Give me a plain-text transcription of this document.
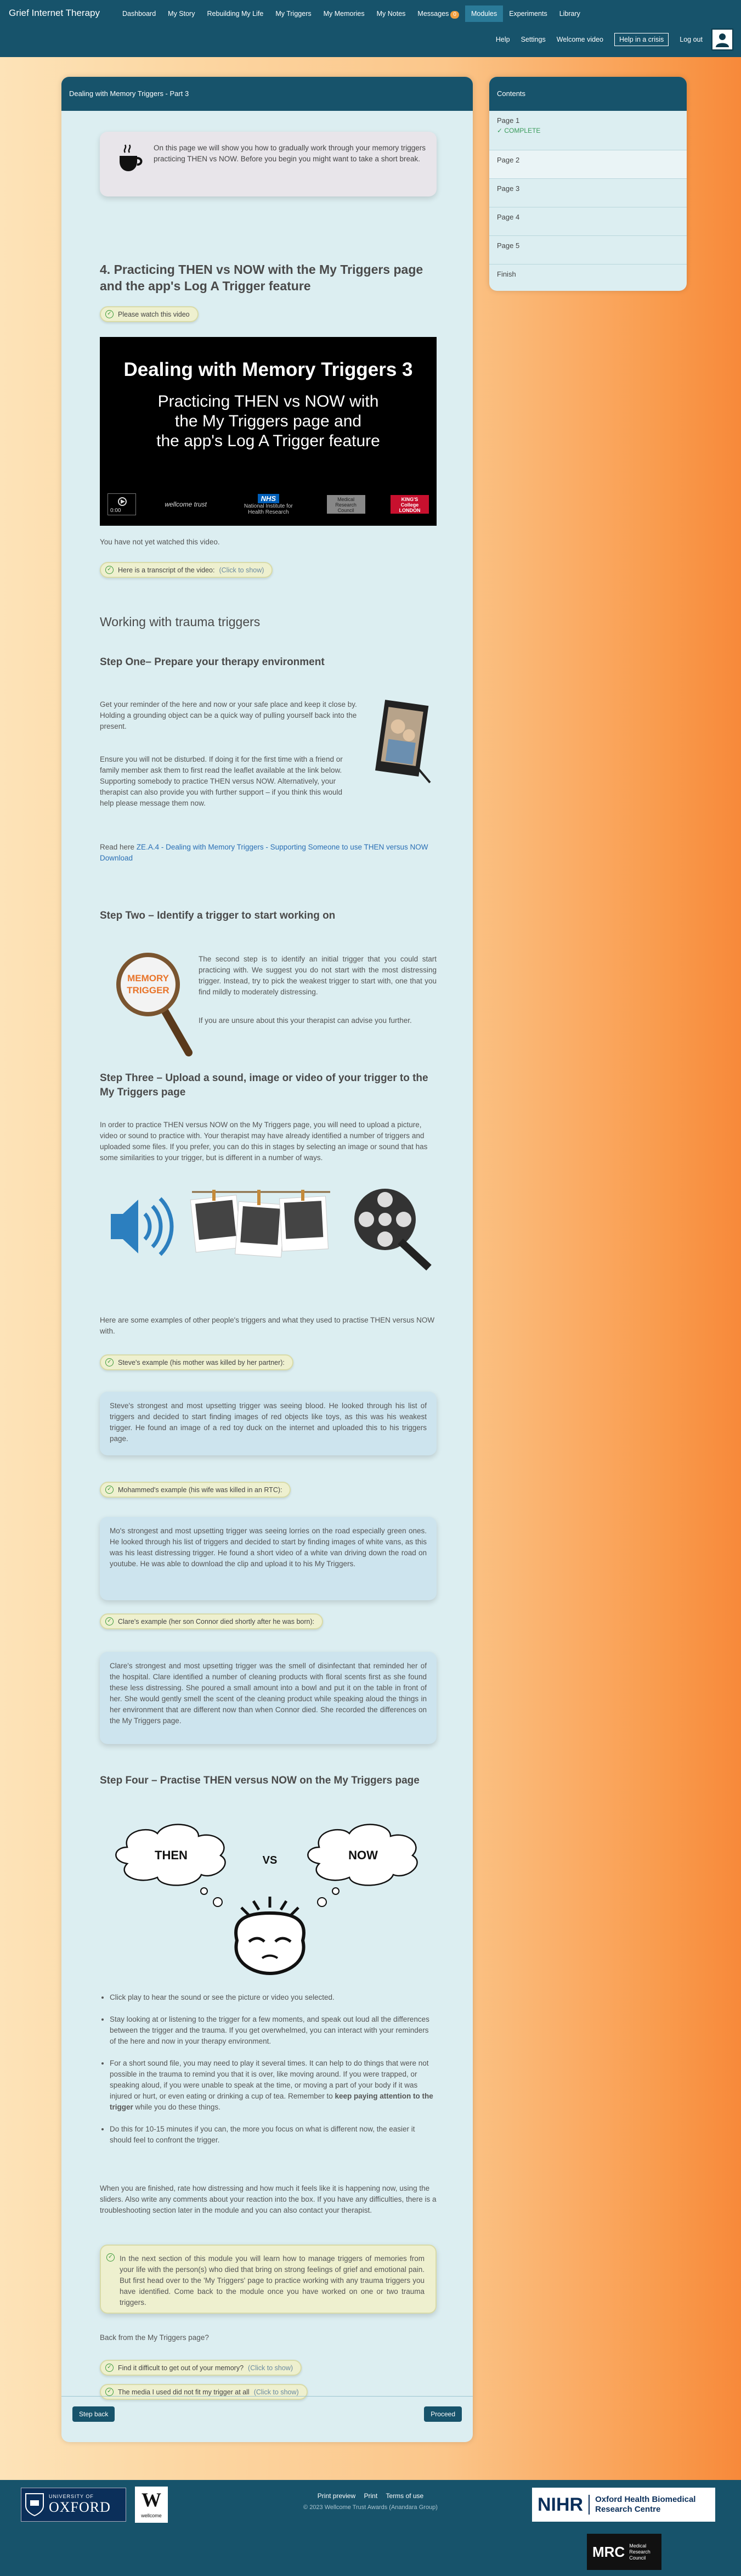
Grief Internet Therapy	Dashboard	My Story	Rebuilding My Life	My Triggers	My Memories	My Notes	Messages 0	Modules	Experiments	Library
Help Settings Welcome video	Help in a crisis	Log out
Dealing with Memory Triggers - Part 3
On this page we will show you how to gradually work through your memory triggers practicing THEN vs NOW. Before you begin you might want to take a short break.
4. Practicing THEN vs NOW with the My Triggers page and the app's Log A Trigger feature
✓ Please watch this video
Dealing with Memory Triggers 3
Practicing THEN vs NOW with
the My Triggers page and
the app's Log A Trigger feature
0:00
wellcome trust
NHS
National Institute for Health Research
Medical Research Council
KING'S College LONDON
You have not yet watched this video.
✓ Here is a transcript of the video: (Click to show)
Working with trauma triggers
Step One– Prepare your therapy environment
Get your reminder of the here and now or your safe place and keep it close by. Holding a grounding object can be a quick way of pulling yourself back into the present.
Ensure you will not be disturbed. If doing it for the first time with a friend or family member ask them to first read the leaflet available at the link below. Supporting somebody to practice THEN versus NOW. Alternatively, your therapist can also provide you with further support – if you think this would help please message them now.
Read here ZE.A.4 - Dealing with Memory Triggers - Supporting Someone to use THEN versus NOW Download
Step Two – Identify a trigger to start working on
MEMORY
TRIGGER
The second step is to identify an initial trigger that you could start practicing with. We suggest you do not start with the most distressing trigger. Instead, try to pick the weakest trigger to start with, one that you find mildly to moderately distressing.
If you are unsure about this your therapist can advise you further.
Step Three – Upload a sound, image or video of your trigger to the My Triggers page
In order to practice THEN versus NOW on the My Triggers page, you will need to upload a picture, video or sound to practice with. Your therapist may have already identified a number of triggers and uploaded some files. If you prefer, you can do this in stages by selecting an image or sound that has some similarities to your trigger, but is different in a number of ways.
Here are some examples of other people's triggers and what they used to practise THEN versus NOW with.
✓ Steve's example (his mother was killed by her partner):
Steve's strongest and most upsetting trigger was seeing blood. He looked through his list of triggers and decided to start finding images of red objects like toys, as this was his weakest trigger. He found an image of a red toy duck on the internet and uploaded this to his triggers page.
✓ Mohammed's example (his wife was killed in an RTC):
Mo's strongest and most upsetting trigger was seeing lorries on the road especially green ones. He looked through his list of triggers and decided to start by finding images of white vans, as this was his least distressing trigger. He found a short video of a white van driving down the road on youtube. He was able to download the clip and upload it to his My Triggers.
✓ Clare's example (her son Connor died shortly after he was born):
Clare's strongest and most upsetting trigger was the smell of disinfectant that reminded her of the hospital. Clare identified a number of cleaning products with floral scents first as she found these less distressing. She poured a small amount into a bowl and put it on the table in front of her. She would gently smell the scent of the cleaning product while speaking aloud the things in her environment that are different now than when Connor died. She recorded the differences on the My Triggers page.
Step Four – Practise THEN versus NOW on the My Triggers page
THEN	VS	NOW
• Click play to hear the sound or see the picture or video you selected.
• Stay looking at or listening to the trigger for a few moments, and speak out loud all the differences between the trigger and the trauma. If you get overwhelmed, you can interact with your reminders of the here and now in your therapy environment.
• For a short sound file, you may need to play it several times. It can help to do things that were not possible in the trauma to remind you that it is over, like moving around. If you were trapped, or speaking aloud, if you were unable to speak at the time, or moving a part of your body if it was injured or hurt, or even eating or drinking a cup of tea. Remember to keep paying attention to the trigger while you do these things.
• Do this for 10-15 minutes if you can, the more you focus on what is different now, the easier it should feel to confront the trigger.
When you are finished, rate how distressing and how much it feels like it is happening now, using the sliders. Also write any comments about your reaction into the box. If you have any difficulties, there is a troubleshooting section later in the module and you can also contact your therapist.
✓ In the next section of this module you will learn how to manage triggers of memories from your life with the person(s) who died that bring on strong feelings of grief and emotional pain. But first head over to the 'My Triggers' page to practice working with any trauma triggers you have identified. Come back to the module once you have worked on one or two trauma triggers.
Back from the My Triggers page?
✓ Find it difficult to get out of your memory? (Click to show)
✓ The media I used did not fit my trigger at all (Click to show)
Step back	Proceed
Contents
Page 1
✓ COMPLETE
Page 2
Page 3
Page 4
Page 5
Finish
Print preview Print Terms of use
© 2023 Wellcome Trust Awards (Anandara Group)
UNIVERSITY OF
OXFORD	W
wellcome
NIHR Oxford Health Biomedical
Research Centre
MRC Medical Research Council
